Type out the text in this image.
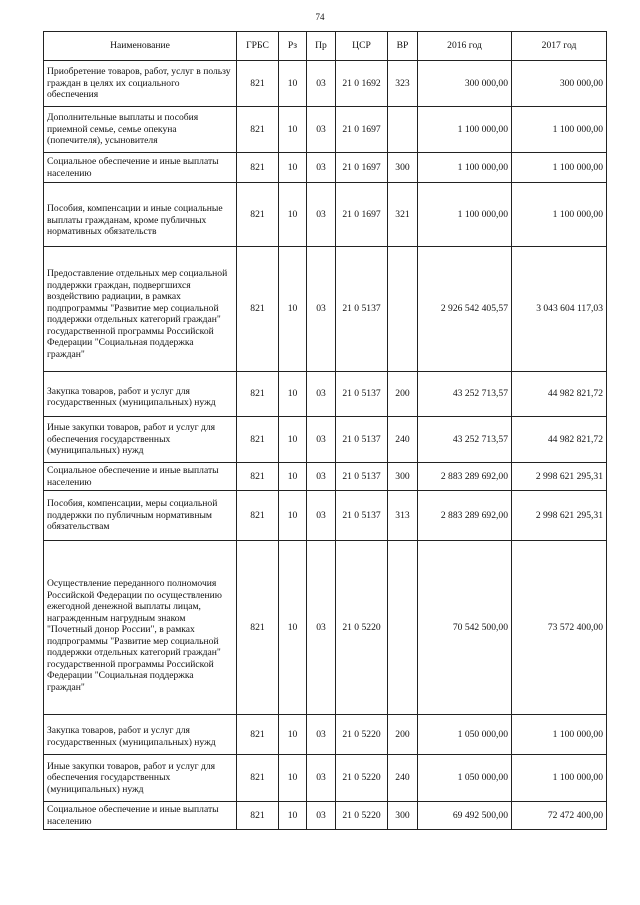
74
Наименование	ГРБС	Рз	Пр	ЦСР	ВР	2016 год	2017 год
Приобретение товаров, работ, услуг в пользу граждан в целях их социального обеспечения	821	10	03	21 0 1692	323	300 000,00	300 000,00
Дополнительные выплаты и пособия приемной семье, семье опекуна (попечителя), усыновителя	821	10	03	21 0 1697		1 100 000,00	1 100 000,00
Социальное обеспечение и иные выплаты населению	821	10	03	21 0 1697	300	1 100 000,00	1 100 000,00
Пособия, компенсации и иные социальные выплаты гражданам, кроме публичных нормативных обязательств	821	10	03	21 0 1697	321	1 100 000,00	1 100 000,00
Предоставление отдельных мер социальной поддержки граждан, подвергшихся воздействию радиации, в рамках подпрограммы "Развитие мер социальной поддержки отдельных категорий граждан" государственной программы Российской Федерации "Социальная поддержка граждан"	821	10	03	21 0 5137		2 926 542 405,57	3 043 604 117,03
Закупка товаров, работ и услуг для государственных (муниципальных) нужд	821	10	03	21 0 5137	200	43 252 713,57	44 982 821,72
Иные закупки товаров, работ и услуг для обеспечения государственных (муниципальных) нужд	821	10	03	21 0 5137	240	43 252 713,57	44 982 821,72
Социальное обеспечение и иные выплаты населению	821	10	03	21 0 5137	300	2 883 289 692,00	2 998 621 295,31
Пособия, компенсации, меры социальной поддержки по публичным нормативным обязательствам	821	10	03	21 0 5137	313	2 883 289 692,00	2 998 621 295,31
Осуществление переданного полномочия Российской Федерации по осуществлению ежегодной денежной выплаты лицам, награжденным нагрудным знаком "Почетный донор России", в рамках подпрограммы "Развитие мер социальной поддержки отдельных категорий граждан" государственной программы Российской Федерации "Социальная поддержка граждан"	821	10	03	21 0 5220		70 542 500,00	73 572 400,00
Закупка товаров, работ и услуг для государственных (муниципальных) нужд	821	10	03	21 0 5220	200	1 050 000,00	1 100 000,00
Иные закупки товаров, работ и услуг для обеспечения государственных (муниципальных) нужд	821	10	03	21 0 5220	240	1 050 000,00	1 100 000,00
Социальное обеспечение и иные выплаты населению	821	10	03	21 0 5220	300	69 492 500,00	72 472 400,00
